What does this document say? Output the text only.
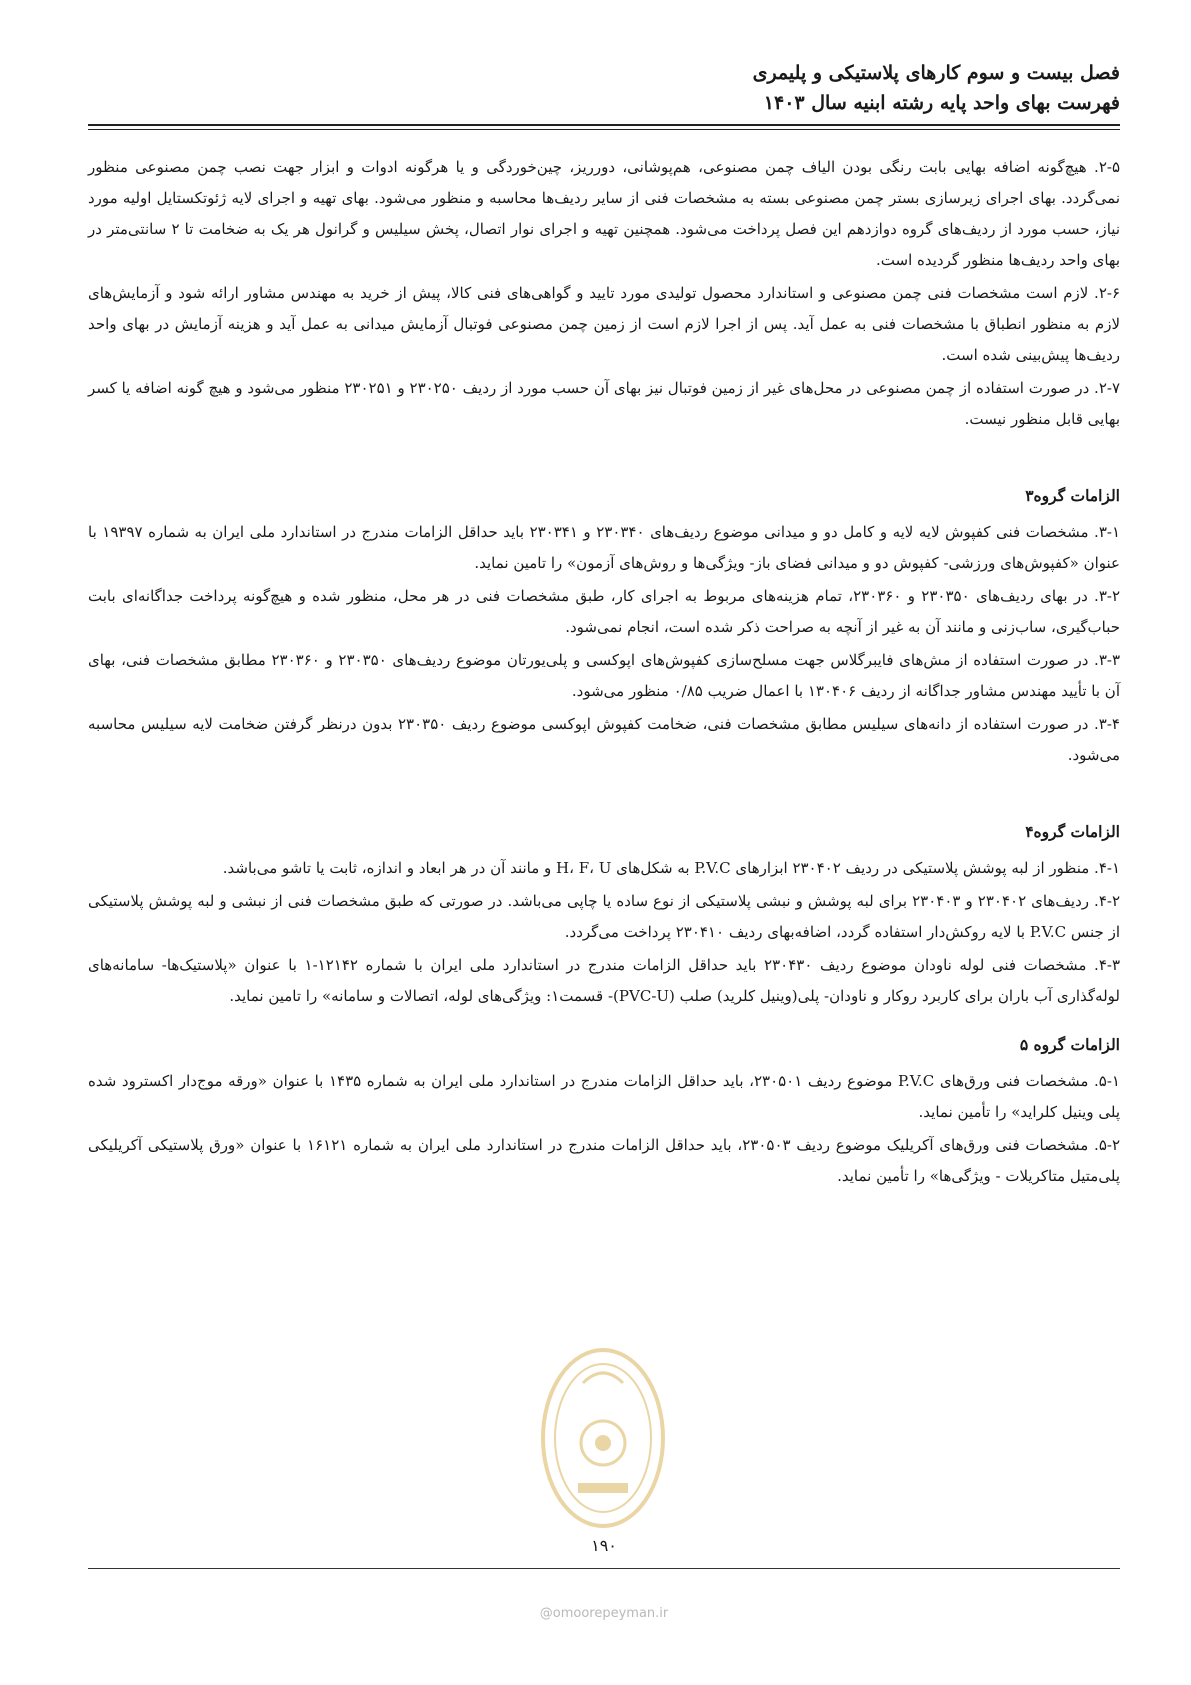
فصل بیست و سوم کارهای پلاستیکی و پلیمری
فهرست بهای واحد پایه رشته ابنیه سال ۱۴۰۳

۲-۵. هیچ‌گونه اضافه بهایی بابت رنگی بودن الیاف چمن مصنوعی، هم‌پوشانی، دورریز، چین‌خوردگی و یا هرگونه ادوات و ابزار جهت نصب چمن مصنوعی منظور نمی‌گردد. بهای اجرای زیرسازی بستر چمن مصنوعی بسته به مشخصات فنی از سایر ردیف‌ها محاسبه و منظور می‌شود. بهای تهیه و اجرای لایه ژئوتکستایل اولیه مورد نیاز، حسب مورد از ردیف‌های گروه دوازدهم این فصل پرداخت می‌شود. همچنین تهیه و اجرای نوار اتصال، پخش سیلیس و گرانول هر یک به ضخامت تا ۲ سانتی‌متر در بهای واحد ردیف‌ها منظور گردیده است.

۲-۶. لازم است مشخصات فنی چمن مصنوعی و استاندارد محصول تولیدی مورد تایید و گواهی‌های فنی کالا، پیش از خرید به مهندس مشاور ارائه شود و آزمایش‌های لازم به منظور انطباق با مشخصات فنی به عمل آید. پس از اجرا لازم است از زمین چمن مصنوعی فوتبال آزمایش میدانی به عمل آید و هزینه آزمایش در بهای واحد ردیف‌ها پیش‌بینی شده است.

۲-۷. در صورت استفاده از چمن مصنوعی در محل‌های غیر از زمین فوتبال نیز بهای آن حسب مورد از ردیف ۲۳۰۲۵۰ و ۲۳۰۲۵۱ منظور می‌شود و هیچ گونه اضافه یا کسر بهایی قابل منظور نیست.

الزامات گروه۳

۳-۱. مشخصات فنی کفپوش لایه لایه و کامل دو و میدانی موضوع ردیف‌های ۲۳۰۳۴۰ و ۲۳۰۳۴۱ باید حداقل الزامات مندرج در استاندارد ملی ایران به شماره ۱۹۳۹۷ با عنوان «کفپوش‌های ورزشی- کفپوش دو و میدانی فضای باز- ویژگی‌ها و روش‌های آزمون» را تامین نماید.

۳-۲. در بهای ردیف‌های ۲۳۰۳۵۰ و ۲۳۰۳۶۰، تمام هزینه‌های مربوط به اجرای کار، طبق مشخصات فنی در هر محل، منظور شده و هیچ‌گونه پرداخت جداگانه‌ای بابت حباب‌گیری، ساب‌زنی و مانند آن به غیر از آنچه به صراحت ذکر شده است، انجام نمی‌شود.

۳-۳. در صورت استفاده از مش‌های فایبرگلاس جهت مسلح‌سازی کفپوش‌های اپوکسی و پلی‌یورتان موضوع ردیف‌های ۲۳۰۳۵۰ و ۲۳۰۳۶۰ مطابق مشخصات فنی، بهای آن با تأیید مهندس مشاور جداگانه از ردیف ۱۳۰۴۰۶ با اعمال ضریب ۰/۸۵ منظور می‌شود.

۳-۴. در صورت استفاده از دانه‌های سیلیس مطابق مشخصات فنی، ضخامت کفپوش اپوکسی موضوع ردیف ۲۳۰۳۵۰ بدون درنظر گرفتن ضخامت لایه سیلیس محاسبه می‌شود.

الزامات گروه۴

۴-۱. منظور از لبه پوشش پلاستیکی در ردیف ۲۳۰۴۰۲ ابزارهای P.V.C به شکل‌های H، F، U و مانند آن در هر ابعاد و اندازه، ثابت یا تاشو می‌باشد.

۴-۲. ردیف‌های ۲۳۰۴۰۲ و ۲۳۰۴۰۳ برای لبه پوشش و نبشی پلاستیکی از نوع ساده یا چاپی می‌باشد. در صورتی که طبق مشخصات فنی از نبشی و لبه پوشش پلاستیکی از جنس P.V.C با لایه روکش‌دار استفاده گردد، اضافه‌بهای ردیف ۲۳۰۴۱۰ پرداخت می‌گردد.

۴-۳. مشخصات فنی لوله ناودان موضوع ردیف ۲۳۰۴۳۰ باید حداقل الزامات مندرج در استاندارد ملی ایران با شماره ۱۲۱۴۲-۱ با عنوان «پلاستیک‌ها- سامانه‌های لوله‌گذاری آب باران برای کاربرد روکار و ناودان- پلی(وینیل کلرید) صلب (PVC-U)- قسمت۱: ویژگی‌های لوله، اتصالات و سامانه» را تامین نماید.

الزامات گروه ۵

۵-۱. مشخصات فنی ورق‌های P.V.C موضوع ردیف ۲۳۰۵۰۱، باید حداقل الزامات مندرج در استاندارد ملی ایران به شماره ۱۴۳۵ با عنوان «ورقه موج‌دار اکسترود شده پلی وینیل کلراید» را تأمین نماید.

۵-۲. مشخصات فنی ورق‌های آکریلیک موضوع ردیف ۲۳۰۵۰۳، باید حداقل الزامات مندرج در استاندارد ملی ایران به شماره ۱۶۱۲۱ با عنوان «ورق پلاستیکی آکریلیکی پلی‌متیل متاکریلات - ویژگی‌ها» را تأمین نماید.

۱۹۰
@omoorepeyman.ir
